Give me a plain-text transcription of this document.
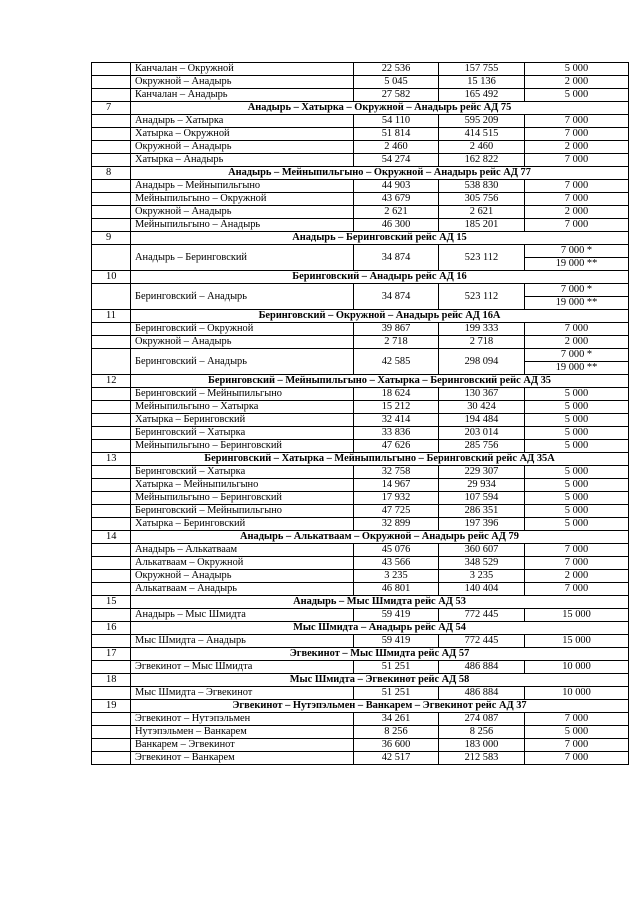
	Канчалан – Окружной	22 536	157 755	5 000
	Окружной – Анадырь	5 045	15 136	2 000
	Канчалан – Анадырь	27 582	165 492	5 000
7	Анадырь – Хатырка – Окружной – Анадырь рейс АД 75			
	Анадырь – Хатырка	54 110	595 209	7 000
	Хатырка – Окружной	51 814	414 515	7 000
	Окружной – Анадырь	2 460	2 460	2 000
	Хатырка – Анадырь	54 274	162 822	7 000
8	Анадырь – Мейныпильгыно – Окружной – Анадырь рейс АД 77			
	Анадырь – Мейныпильгыно	44 903	538 830	7 000
	Мейныпильгыно – Окружной	43 679	305 756	7 000
	Окружной – Анадырь	2 621	2 621	2 000
	Мейныпильгыно – Анадырь	46 300	185 201	7 000
9	Анадырь – Беринговский рейс АД 15			
	Анадырь – Беринговский	34 874	523 112	7 000 *
				19 000 **
10	Беринговский – Анадырь рейс АД 16			
	Беринговский – Анадырь	34 874	523 112	7 000 *
				19 000 **
11	Беринговский – Окружной – Анадырь рейс АД 16А			
	Беринговский – Окружной	39 867	199 333	7 000
	Окружной – Анадырь	2 718	2 718	2 000
	Беринговский – Анадырь	42 585	298 094	7 000 *
				19 000 **
12	Беринговский – Мейныпильгыно – Хатырка – Беринговский рейс АД 35			
	Беринговский – Мейныпильгыно	18 624	130 367	5 000
	Мейныпильгыно – Хатырка	15 212	30 424	5 000
	Хатырка – Беринговский	32 414	194 484	5 000
	Беринговский – Хатырка	33 836	203 014	5 000
	Мейныпильгыно – Беринговский	47 626	285 756	5 000
13	Беринговский – Хатырка – Мейныпильгыно – Беринговский рейс АД 35А			
	Беринговский – Хатырка	32 758	229 307	5 000
	Хатырка – Мейныпильгыно	14 967	29 934	5 000
	Мейныпильгыно – Беринговский	17 932	107 594	5 000
	Беринговский – Мейныпильгыно	47 725	286 351	5 000
	Хатырка – Беринговский	32 899	197 396	5 000
14	Анадырь – Алькатваам – Окружной – Анадырь рейс АД 79			
	Анадырь – Алькатваам	45 076	360 607	7 000
	Алькатваам – Окружной	43 566	348 529	7 000
	Окружной – Анадырь	3 235	3 235	2 000
	Алькатваам – Анадырь	46 801	140 404	7 000
15	Анадырь – Мыс Шмидта рейс АД 53			
	Анадырь – Мыс Шмидта	59 419	772 445	15 000
16	Мыс Шмидта – Анадырь рейс АД 54			
	Мыс Шмидта – Анадырь	59 419	772 445	15 000
17	Эгвекинот – Мыс Шмидта рейс АД 57			
	Эгвекинот – Мыс Шмидта	51 251	486 884	10 000
18	Мыс Шмидта – Эгвекинот рейс АД 58			
	Мыс Шмидта – Эгвекинот	51 251	486 884	10 000
19	Эгвекинот – Нутэпэльмен – Ванкарем – Эгвекинот рейс АД 37			
	Эгвекинот – Нутэпэльмен	34 261	274 087	7 000
	Нутэпэльмен – Ванкарем	8 256	8 256	5 000
	Ванкарем – Эгвекинот	36 600	183 000	7 000
	Эгвекинот – Ванкарем	42 517	212 583	7 000
